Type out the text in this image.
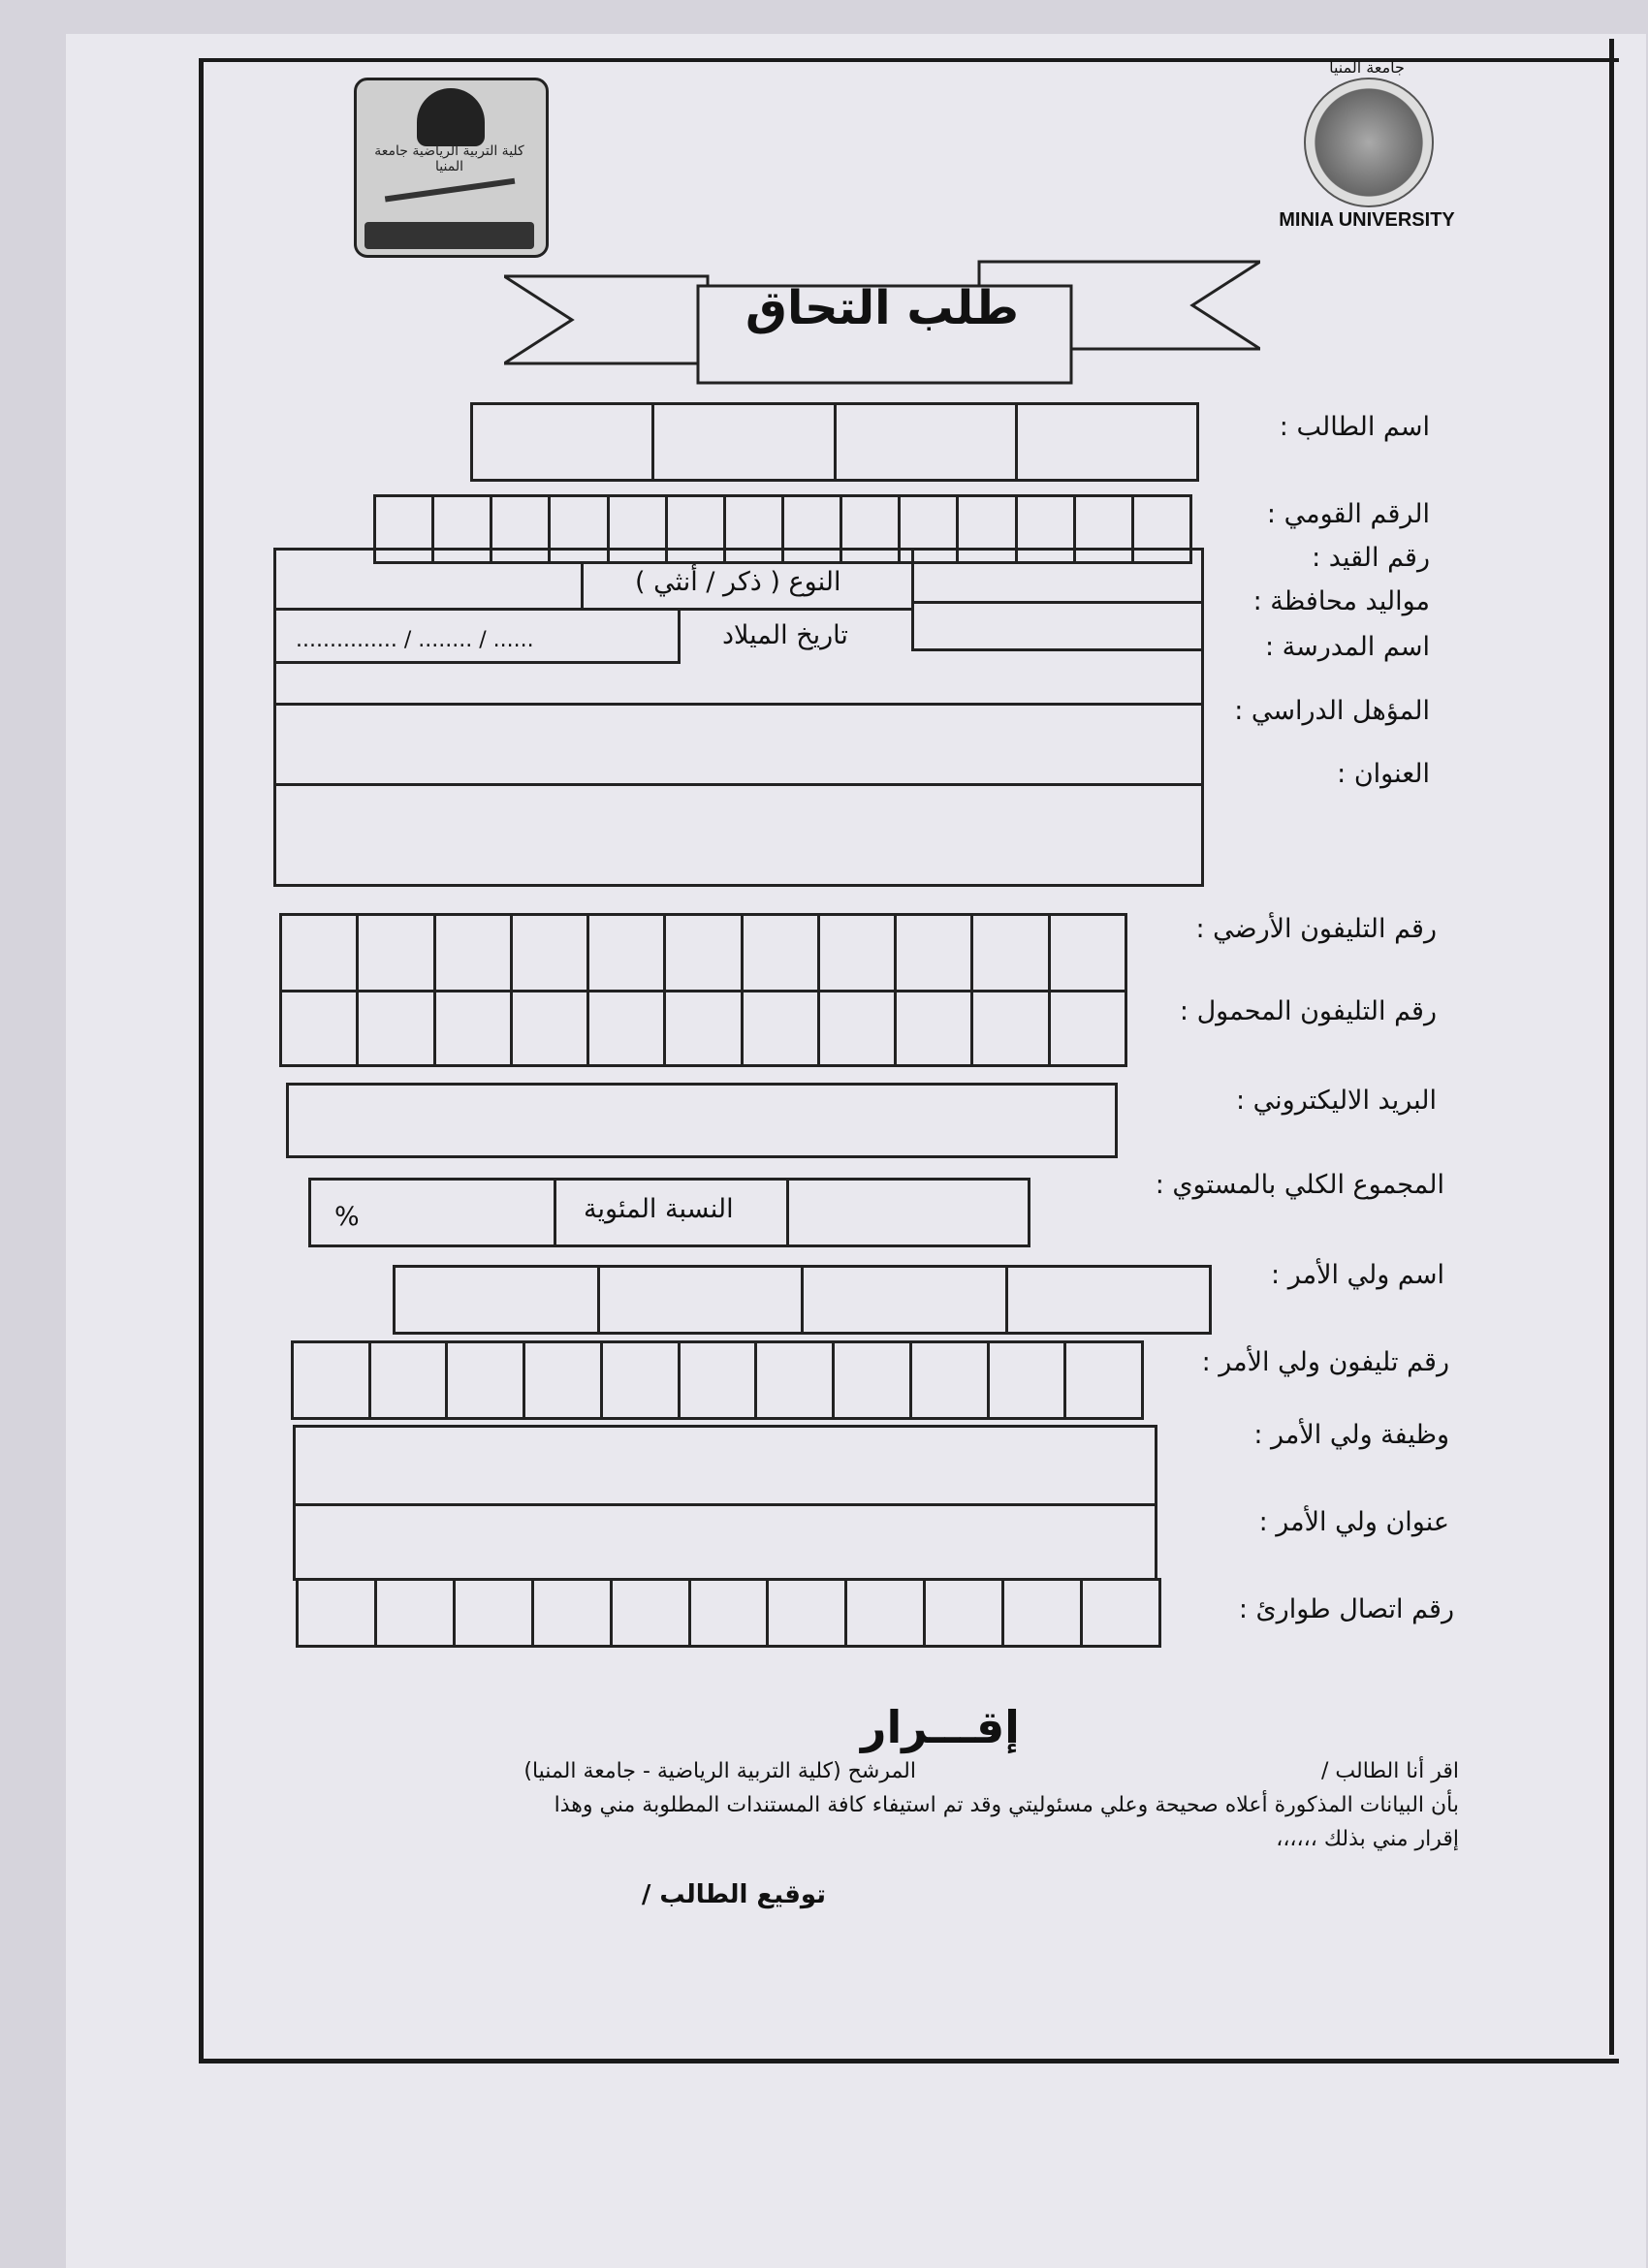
كلية التربية الرياضية جامعة المنيا
جامعة المنيا
MINIA UNIVERSITY
طلب التحاق
اسم الطالب :
الرقم القومي :
رقم القيد :
مواليد محافظة :
اسم المدرسة :
المؤهل الدراسي :
العنوان :
رقم التليفون الأرضي :
رقم التليفون المحمول :
البريد الاليكتروني :
المجموع الكلي بالمستوي :
اسم ولي الأمر :
رقم تليفون ولي الأمر :
وظيفة ولي الأمر :
عنوان ولي الأمر :
رقم اتصال طوارئ :
النوع ( ذكر / أنثي )
...... / ........ / ...............	تاريخ الميلاد
%	النسبة المئوية
إقـــرار
اقر أنا الطالب /
المرشح (كلية التربية الرياضية - جامعة المنيا)
بأن البيانات المذكورة أعلاه صحيحة وعلي مسئوليتي وقد تم استيفاء كافة المستندات المطلوبة مني وهذا
إقرار مني بذلك ،،،،،،
توقيع الطالب /
